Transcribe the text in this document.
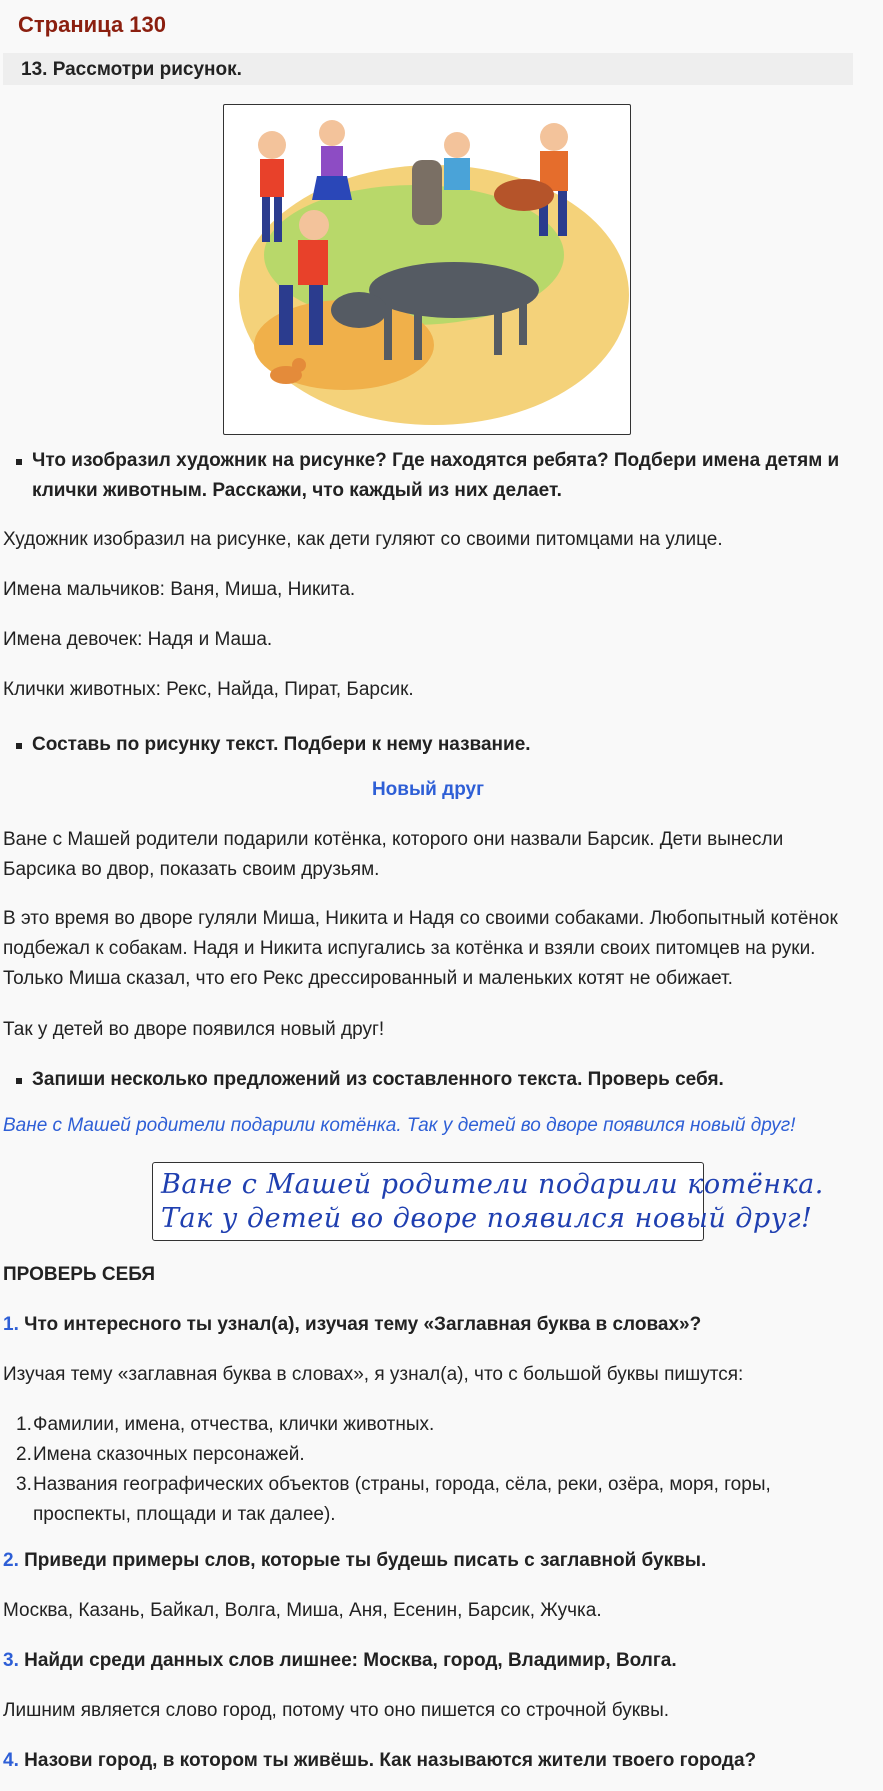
Страница 130
13. Рассмотри рисунок.

Что изобразил художник на рисунке? Где находятся ребята? Подбери имена детям и клички животным. Расскажи, что каждый из них делает.

Художник изобразил на рисунке, как дети гуляют со своими питомцами на улице.

Имена мальчиков: Ваня, Миша, Никита.

Имена девочек: Надя и Маша.

Клички животных: Рекс, Найда, Пират, Барсик.

Составь по рисунку текст. Подбери к нему название.

Новый друг

Ване с Машей родители подарили котёнка, которого они назвали Барсик. Дети вынесли Барсика во двор, показать своим друзьям.

В это время во дворе гуляли Миша, Никита и Надя со своими собаками. Любопытный котёнок подбежал к собакам. Надя и Никита испугались за котёнка и взяли своих питомцев на руки. Только Миша сказал, что его Рекс дрессированный и маленьких котят не обижает.

Так у детей во дворе появился новый друг!

Запиши несколько предложений из составленного текста. Проверь себя.

Ване с Машей родители подарили котёнка. Так у детей во дворе появился новый друг!

Ване с Машей родители подарили котёнка.
Так у детей во дворе появился новый друг!

ПРОВЕРЬ СЕБЯ

1. Что интересного ты узнал(а), изучая тему «Заглавная буква в словах»?

Изучая тему «заглавная буква в словах», я узнал(а), что с большой буквы пишутся:

1. Фамилии, имена, отчества, клички животных.

2. Имена сказочных персонажей.

3. Названия географических объектов (страны, города, сёла, реки, озёра, моря, горы, проспекты, площади и так далее).

2. Приведи примеры слов, которые ты будешь писать с заглавной буквы.

Москва, Казань, Байкал, Волга, Миша, Аня, Есенин, Барсик, Жучка.

3. Найди среди данных слов лишнее: Москва, город, Владимир, Волга.

Лишним является слово город, потому что оно пишется со строчной буквы.

4. Назови город, в котором ты живёшь. Как называются жители твоего города?
